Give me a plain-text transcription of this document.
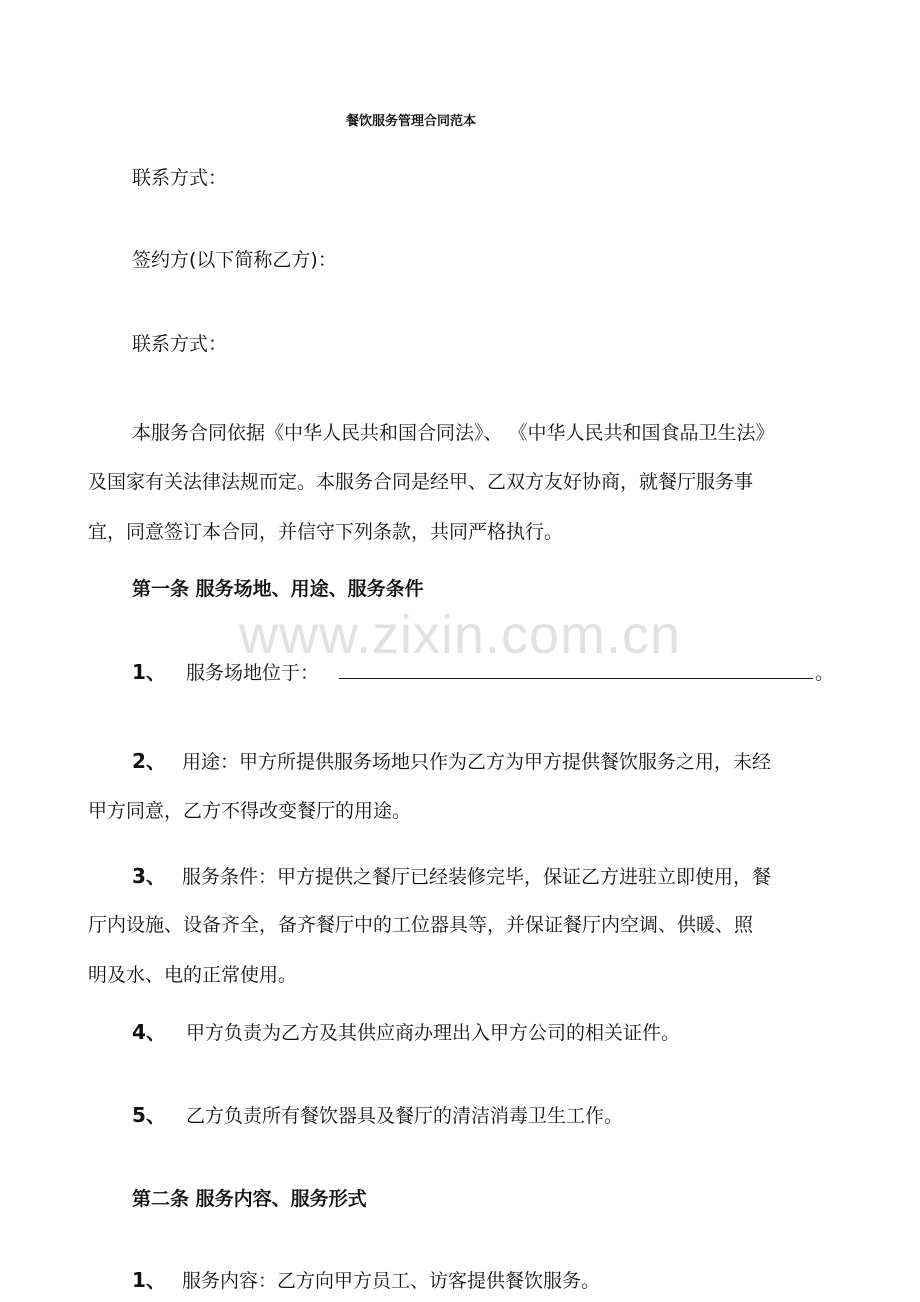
餐饮服务管理合同范本
联系方式：
签约方(以下简称乙方)：
联系方式：
本服务合同依据《中华人民共和国合同法》、 《中华人民共和国食品卫生法》
及国家有关法律法规而定。本服务合同是经甲、乙双方友好协商，就餐厅服务事
宜，同意签订本合同，并信守下列条款，共同严格执行。
第一条 服务场地、用途、服务条件
www.zixin.com.cn
1、 服务场地位于：	。
2、 用途：甲方所提供服务场地只作为乙方为甲方提供餐饮服务之用，未经
甲方同意，乙方不得改变餐厅的用途。
3、 服务条件：甲方提供之餐厅已经装修完毕，保证乙方进驻立即使用，餐
厅内设施、设备齐全，备齐餐厅中的工位器具等，并保证餐厅内空调、供暖、照
明及水、电的正常使用。
4、 甲方负责为乙方及其供应商办理出入甲方公司的相关证件。
5、 乙方负责所有餐饮器具及餐厅的清洁消毒卫生工作。
第二条 服务内容、服务形式
1、 服务内容：乙方向甲方员工、访客提供餐饮服务。
